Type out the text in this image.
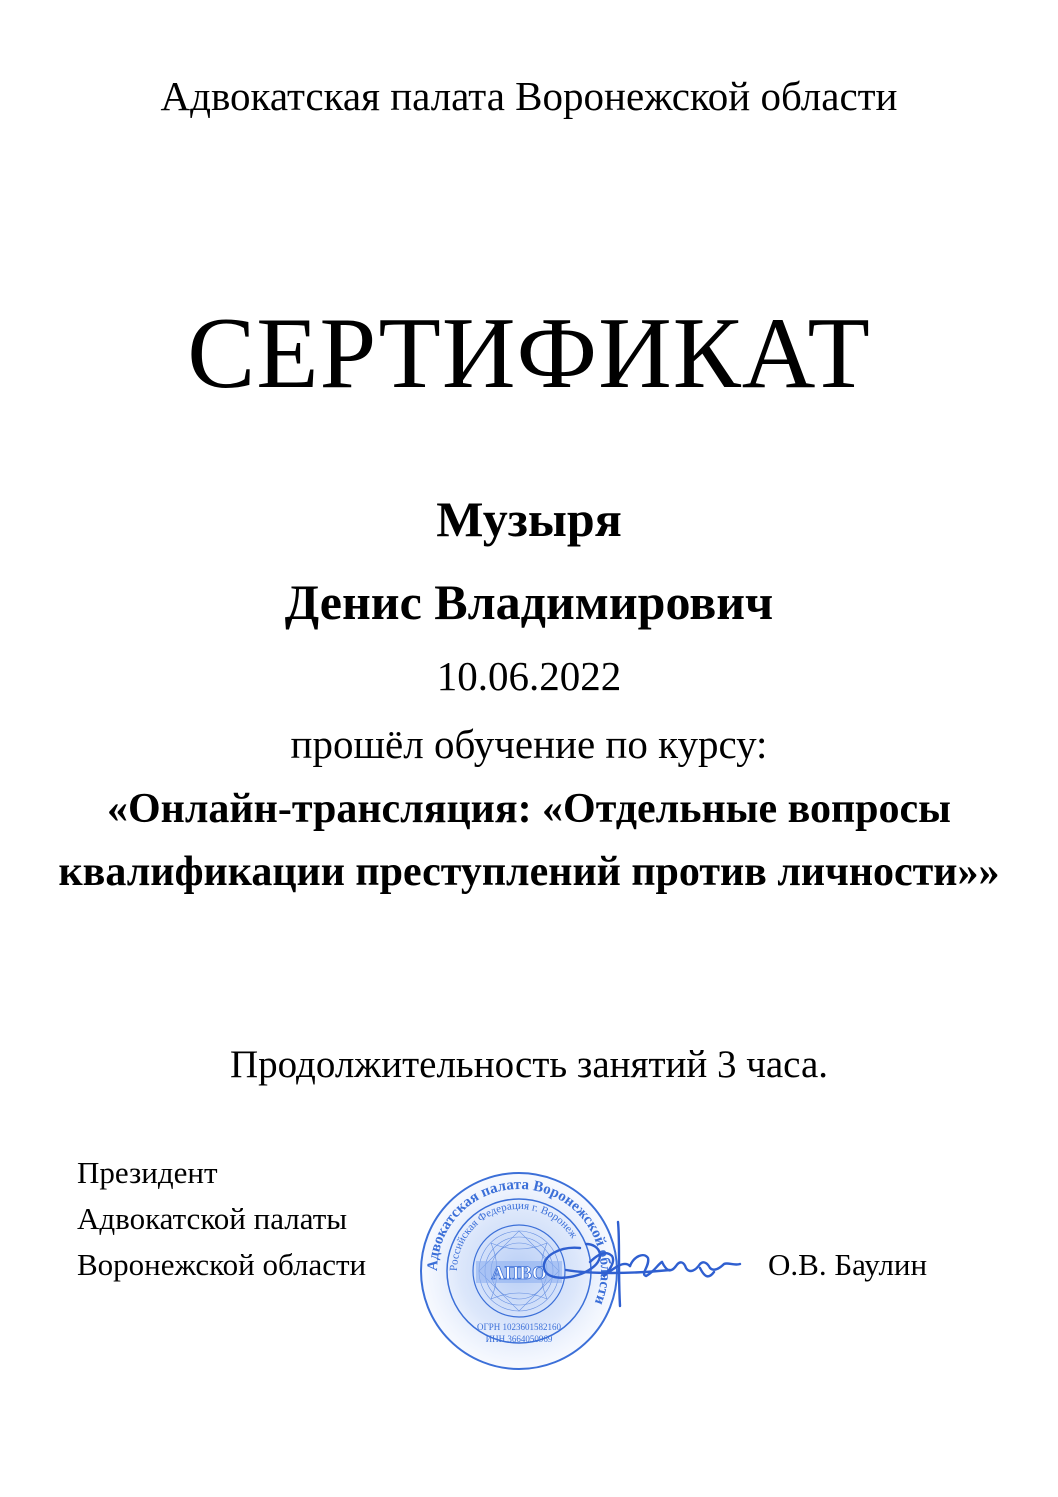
Адвокатская палата Воронежской области
СЕРТИФИКАТ
Музыря
Денис Владимирович
10.06.2022
прошёл обучение по курсу:
«Онлайн-трансляция: «Отдельные вопросы квалификации преступлений против личности»»
Продолжительность занятий 3 часа.
Президент
Адвокатской палаты
Воронежской области	Адвокатская палата Воронежской области
Российская Федерация г. Воронеж
АПВО
ОГРН 1023601582160
ИНН 3664050969
О.В. Баулин
